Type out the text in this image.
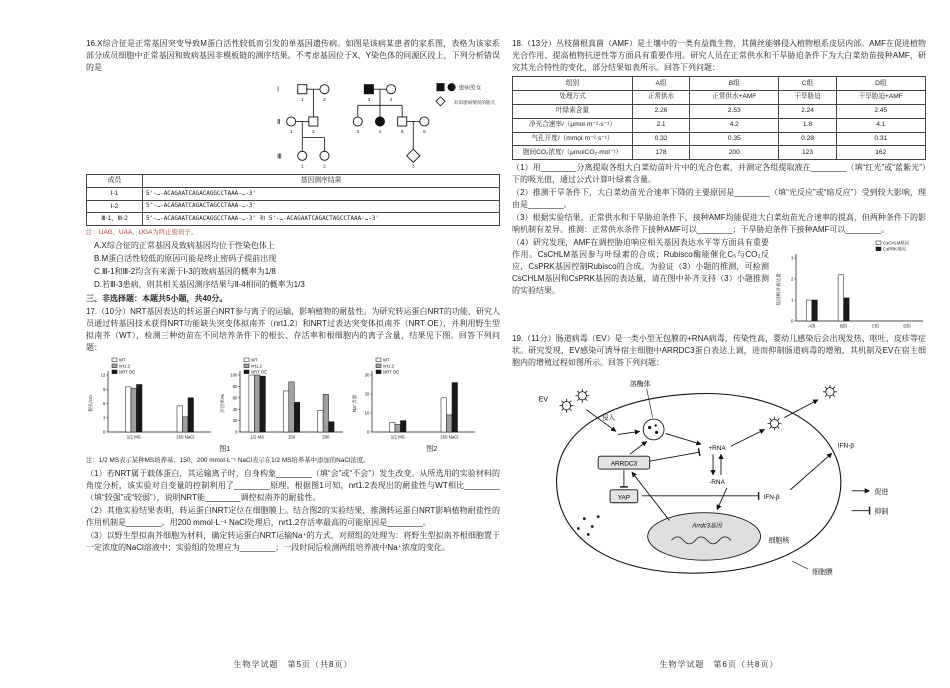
16.X综合征是正常基因突变导致M蛋白活性较低而引发的单基因遗传病。如图是该病某患者的家系图，表格为该家系部分成员细胞中正常基因和致病基因非模板链的测序结果。不考虑基因位于X、Y染色体的同源区段上，下列分析错误的是

Ⅰ
Ⅱ
Ⅲ
1	2	3	4
1	2	3	4	5	6
1	2	3
患病男女
未知患病情况的胎儿
成员	基因测序结果
Ⅰ-1	5'-…-ACAGAATCAGACAGGCCTAAA-…-3'
Ⅰ-2	5'-…-ACAGAATCAGACTAGCCTAAA-…-3'
Ⅲ-1、Ⅲ-2	5'-…-ACAGAATCAGACAGGCCTAAA-…-3' 和 5'-…-ACAGAATCAGACTAGCCTAAA-…-3'

注：UAG、UAA、UGA为终止密码子。

A.X综合征的正常基因及致病基因均位于性染色体上

B.M蛋白活性较低的原因可能是终止密码子提前出现

C.Ⅲ-1和Ⅲ-2均含有来源于Ⅰ-3的致病基因的概率为1/8

D.若Ⅲ-3患病，则其相关基因测序结果与Ⅱ-4相同的概率为1/3

三、非选择题：本题共5小题，共40分。

17.（10分）NRT基因表达的转运蛋白NRT参与离子的运输，影响植物的耐盐性。为研究转运蛋白NRT的功能，研究人员通过转基因技术获得NRT功能缺失突变体拟南芥（nrt1.2）和NRT过表达突变体拟南芥（NRT OE），并利用野生型拟南芥（WT），检测三种幼苗在不同培养条件下的根长、存活率和根细胞内的离子含量，结果见下图。回答下列问题：

0
3
6
9
12
1/2 MS	150 NaCl
根长/cm
WT
nrt1.2
NRT OE
0
20
40
60
80
100
1/2 MS	150	200
存活率/%
WT
nrt1.2
NRT OE
0
10
20
30
1/2 MS	150 NaCl
Na⁺含量
WT
nrt1.2
NRT OE
图1	图2

注：1/2 MS表示某种MS培养基；150、200 mmol·L⁻¹ NaCl表示在1/2 MS培养基中添加的NaCl浓度。

（1）若NRT属于载体蛋白，其运输离子时，自身构象________（填“会”或“不会”）发生改变。从所选用的实验材料的角度分析，该实验对自变量的控制利用了________原理。根据图1可知，nrt1.2表现出的耐盐性与WT相比________（填“较强”或“较弱”），说明NRT能________调控拟南芥的耐盐性。

（2）其他实验结果表明，转运蛋白NRT定位在细胞膜上。结合图2的实验结果，推测转运蛋白NRT影响植物耐盐性的作用机制是________。用200 mmol·L⁻¹ NaCl处理后，nrt1.2存活率最高的可能原因是________。

（3）以野生型拟南芥细胞为材料，确定转运蛋白NRT运输Na⁺的方式，对照组的处理为：将野生型拟南芥根细胞置于一定浓度的NaCl溶液中；实验组的处理应为________；一段时间后检测两组培养液中Na⁺浓度的变化。

生物学试题　第5页（共8页）

18.（13分）丛枝菌根真菌（AMF）是土壤中的一类有益微生物，其菌丝能够侵入植物根系皮层内部。AMF在促进植物光合作用、提高植物抗逆性等方面具有重要作用。研究人员在正常供水和干旱胁迫条件下为大白菜幼苗接种AMF，研究其光合特性的变化，部分结果如表所示。回答下列问题：

组别	A组	B组	C组	D组
处理方式	正常供水	正常供水+AMF	干旱胁迫	干旱胁迫+AMF
叶绿素含量	2.26	2.53	2.24	2.45
净光合速率/（μmol·m⁻²·s⁻¹）	2.1	4.2	1.8	4.1
气孔开度/（mmol·m⁻²·s⁻¹）	0.32	0.35	0.28	0.31
胞间CO₂浓度/（μmolCO₂·mol⁻¹）	178	200	123	162

（1）用________分离提取各组大白菜幼苗叶片中的光合色素，并测定各组提取液在________（填“红光”或“蓝紫光”）下的吸光值，通过公式计算叶绿素含量。

（2）推测干旱条件下，大白菜幼苗光合速率下降的主要原因是________（填“光反应”或“暗反应”）受到较大影响，理由是________。

（3）根据实验结果，正常供水和干旱胁迫条件下，接种AMF均能促进大白菜幼苗光合速率的提高，但两种条件下的影响机制有差异。推测：正常供水条件下接种AMF可以________；干旱胁迫条件下接种AMF可以________。

（4）研究发现，AMF在调控胁迫响应相关基因表达水平等方面具有重要作用。CsCHLM基因参与叶绿素的合成；Rubisco酶能催化C₅与CO₂反应，CsPRK基因控制Rubisco的合成。为验证（3）小题的推测，可检测CsCHLM基因和CsPRK基因的表达量，请在图中补齐支持（3）小题推测的实验结果。

0
1
2
3
A组	B组	C组	D组
基因相对表达量
CsCHLM基因
CsPRK基因

19.（11分）肠道病毒（EV）是一类小型无包膜的+RNA病毒，传染性高，婴幼儿感染后会出现发热、呕吐、皮疹等症状。研究发现，EV感染可诱导宿主细胞中ARRDC3蛋白表达上调，进而抑制肠道病毒的增殖，其机制及EV在宿主细胞内的增殖过程如图所示。回答下列问题：

EV
侵入
溶酶体
ARRDC3
YAP
+RNA
-RNA
IFN-β
IFN-β
Arrdc3基因
细胞核
细胞膜
促进
抑制

生物学试题　第6页（共8页）
